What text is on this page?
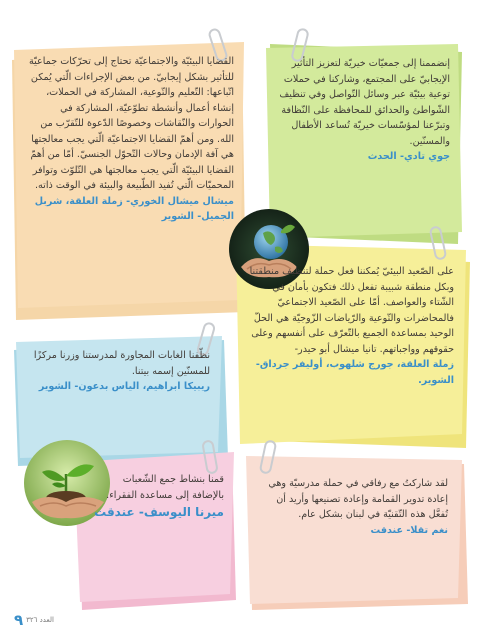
القضايا البيئيّة والاجتماعيّة تحتاج إلى تحرّكات جماعيّة للتأثير بشكل إيجابيّ. من بعض الإجراءات الّتي يُمكن اتّباعها: التّعليم والتّوعية، المشاركة في الحملات، إنشاء أعمال وأنشطة تطوّعيّة، المشاركة في الحوارات والنّقاشات وخصوصًا الدّعوة للتّقرّب من الله. ومن أهمّ القضايا الاجتماعيّة الّتي يجب معالجتها هي آفة الإدمان وحالات التّحوّل الجنسيّ. أمّا من أهمّ القضايا البيئيّة الّتي يجب معالجتها هي التّلوّث وتوافر المحميّات الّتي تُفيد الطّبيعة والبيئة في الوقت ذاته.

ميشال ميشال الخوري- زملة العلقة، شربل الجميل- الشوير

إنضممنا إلى جمعيّات خيريّة لتعزيز التأثير الإيجابيّ على المجتمع، وشاركنا في حملات توعية بيئيّة عبر وسائل التّواصل وفي تنظيف الشّواطئ والحدائق للمحافظة على النّظافة وتبرّعنا لمؤسّسات خيريّة تُساعد الأطفال والمسنّين.

جوي تادي- الحدث

على الصّعيد البيئيّ يُمكننا فعل حملة لتنظيف منطقتنا وبكل منطقة شبيبة تفعل ذلك فتكون بأمان في الشّتاء والعواصف. أمّا على الصّعيد الاجتماعيّ فالمحاضرات والتّوعية والرّياضات الزّوجيّة هي الحلّ الوحيد بمساعدة الجميع بالتّعرّف على أنفسهم وعلى حقوقهم وواجباتهم. تانيا ميشال أبو حيدر-

زملة العلقة، جورج شلهوب، أوليفر جرداق- الشوير.

نظّفنا الغابات المجاورة لمدرستنا وزرنا مركزًا للمسنّين إسمه بيتنا.

ريبيكا ابراهيم، الياس بدعون- الشوير

قمنا بنشاط جمع الشّعبات بالإضافة إلى مساعدة الفقراء.

ميرنا اليوسف- عندقت

لقد شاركتُ مع رفاقي في حملة مدرسيّة وهي إعادة تدوير القمامة وإعادة تصنيعها وأريد أن تُفعَّل هذه التّقنيّة في لبنان بشكل عام.

نغم تقلا- عندقت

٩ العدد ٣٢٦
